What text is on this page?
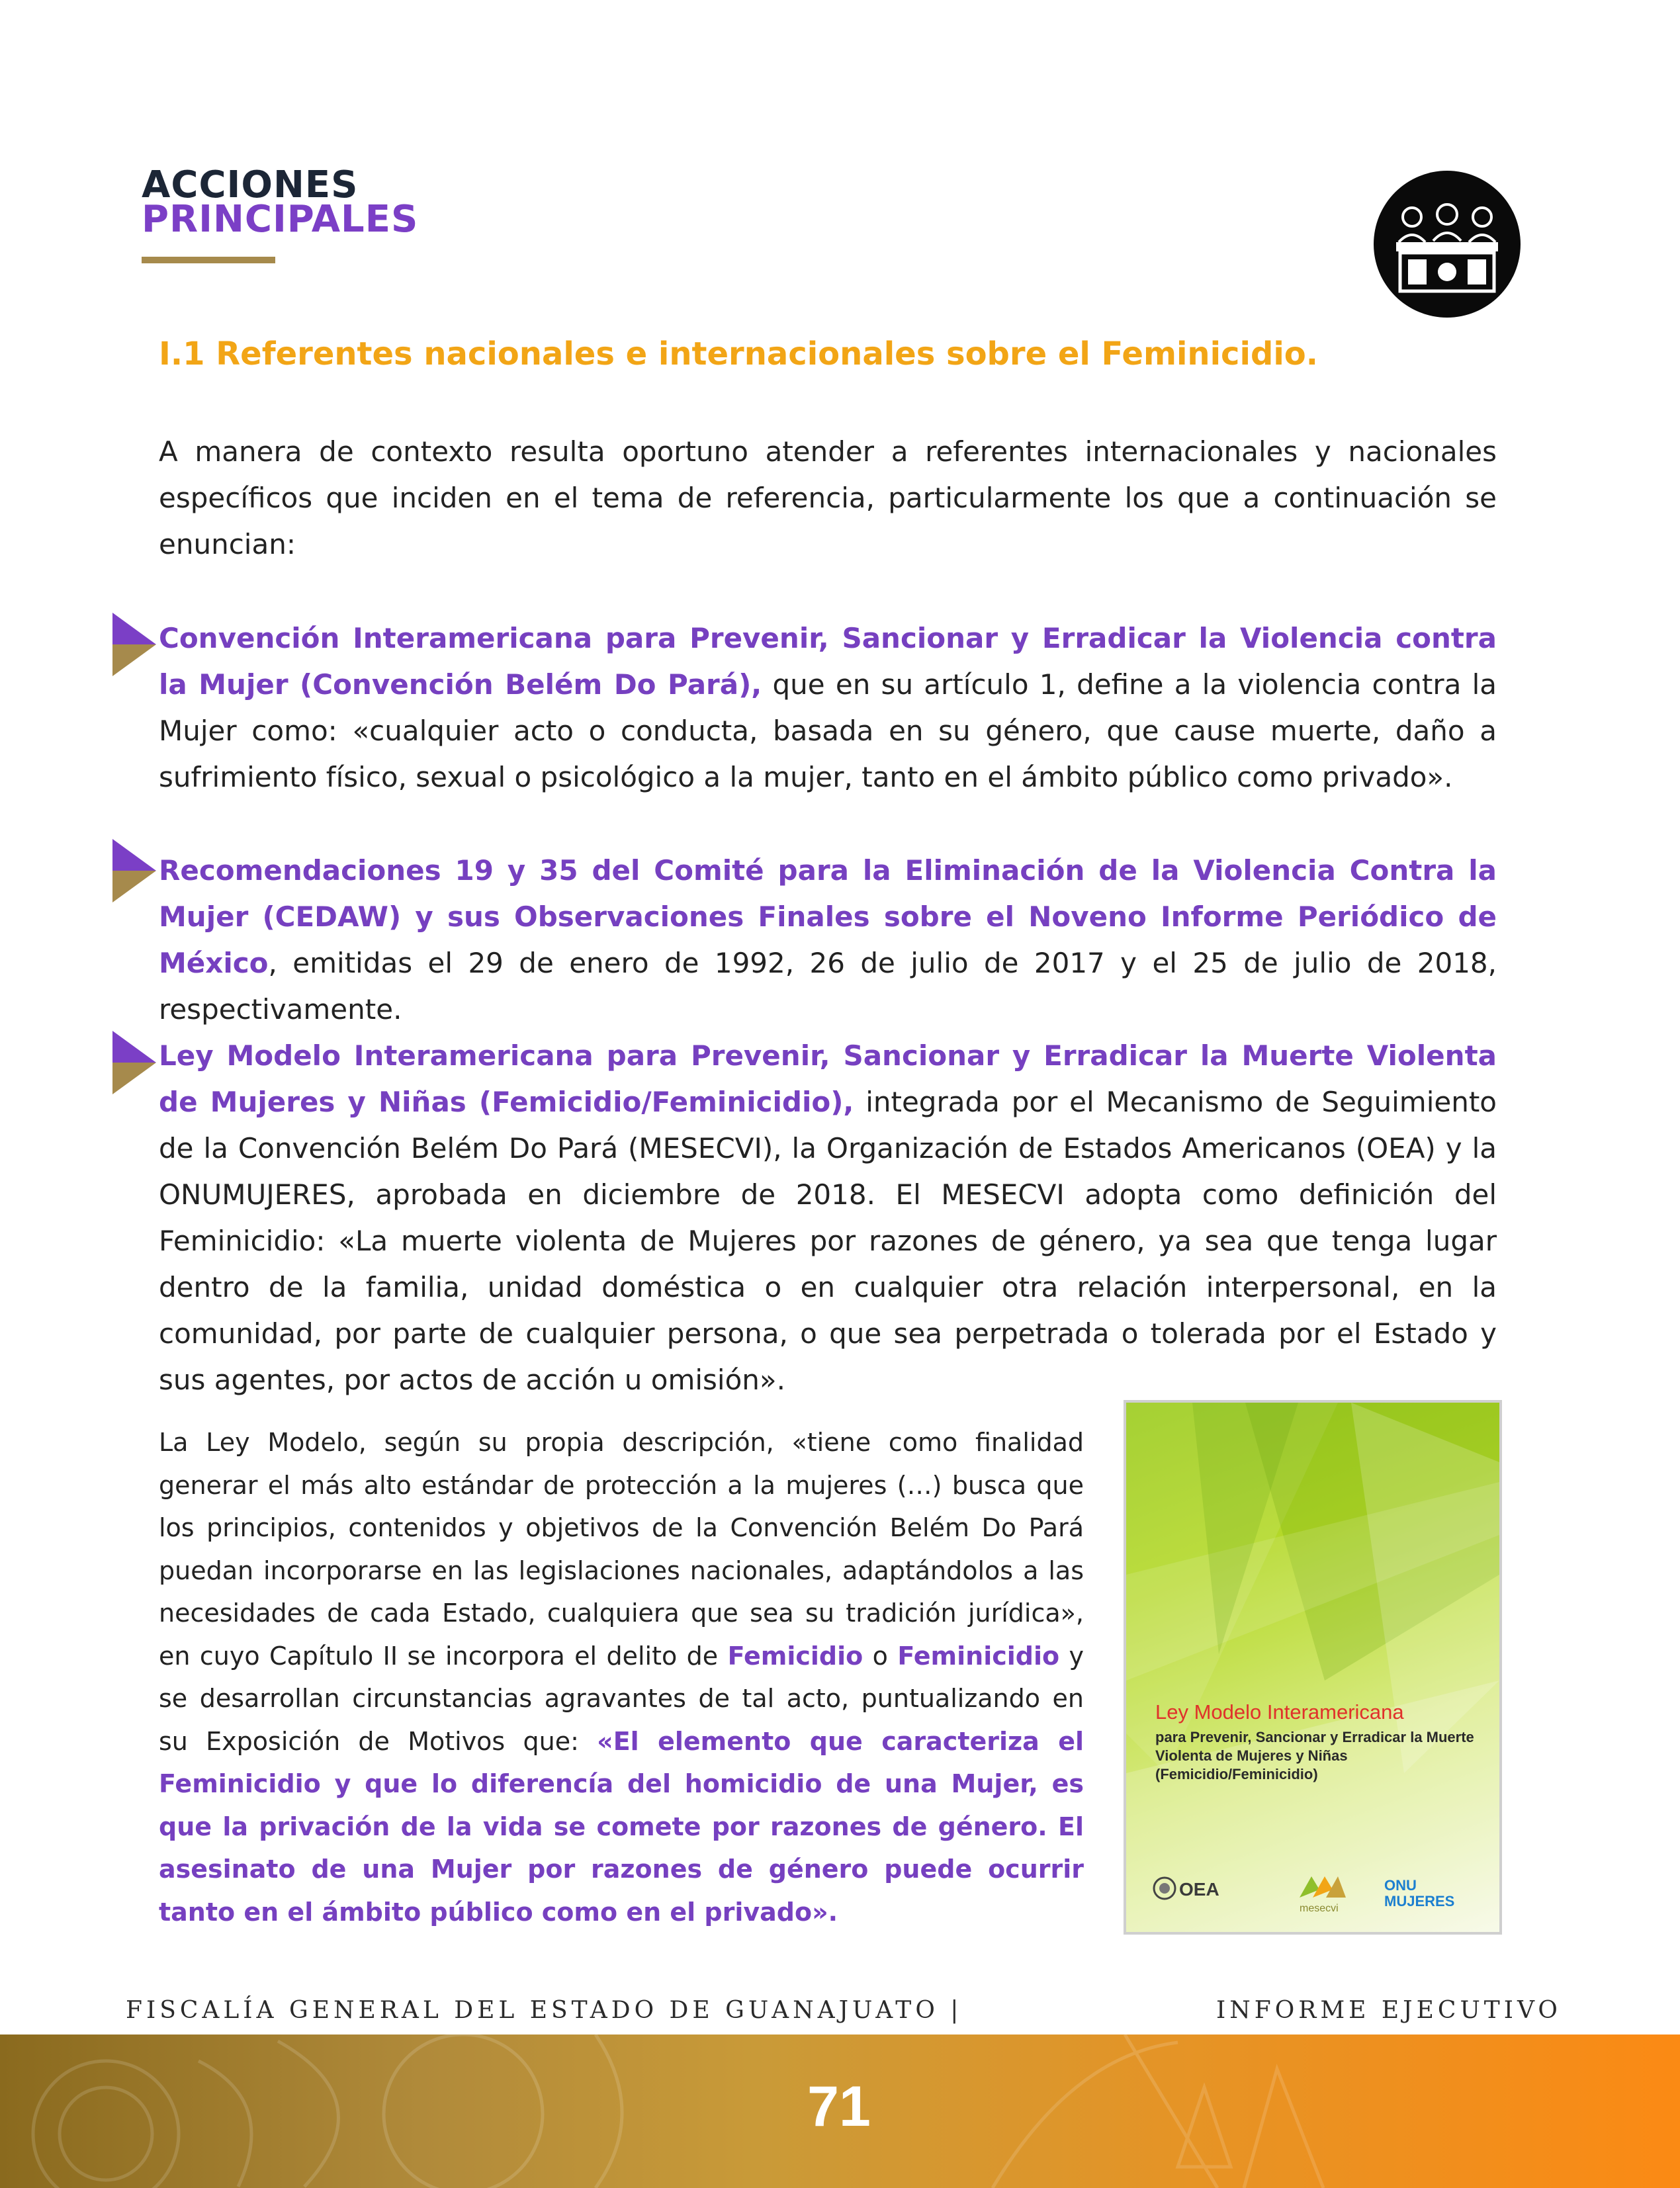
ACCIONES
PRINCIPALES
I.1 Referentes nacionales e internacionales sobre el Feminicidio.
A manera de contexto resulta oportuno atender a referentes internacionales y nacionales específicos que inciden en el tema de referencia, particularmente los que a continuación se enuncian:
Convención Interamericana para Prevenir, Sancionar y Erradicar la Violencia contra la Mujer (Convención Belém Do Pará), que en su artículo 1, define a la violencia contra la Mujer como: «cualquier acto o conducta, basada en su género, que cause muerte, daño a sufrimiento físico, sexual o psicológico a la mujer, tanto en el ámbito público como privado».
Recomendaciones 19 y 35 del Comité para la Eliminación de la Violencia Contra la Mujer (CEDAW) y sus Observaciones Finales sobre el Noveno Informe Periódico de México, emitidas el 29 de enero de 1992, 26 de julio de 2017 y el 25 de julio de 2018, respectivamente.
Ley Modelo Interamericana para Prevenir, Sancionar y Erradicar la Muerte Violenta de Mujeres y Niñas (Femicidio/Feminicidio), integrada por el Mecanismo de Seguimiento de la Convención Belém Do Pará (MESECVI), la Organización de Estados Americanos (OEA) y la ONUMUJERES, aprobada en diciembre de 2018. El MESECVI adopta como definición del Feminicidio: «La muerte violenta de Mujeres por razones de género, ya sea que tenga lugar dentro de la familia, unidad doméstica o en cualquier otra relación interpersonal, en la comunidad, por parte de cualquier persona, o que sea perpetrada o tolerada por el Estado y sus agentes, por actos de acción u omisión».
La Ley Modelo, según su propia descripción, «tiene como finalidad generar el más alto estándar de protección a la mujeres (…) busca que los principios, contenidos y objetivos de la Convención Belém Do Pará puedan incorporarse en las legislaciones nacionales, adaptándolos a las necesidades de cada Estado, cualquiera que sea su tradición jurídica», en cuyo Capítulo II se incorpora el delito de Femicidio o Feminicidio y se desarrollan circunstancias agravantes de tal acto, puntualizando en su Exposición de Motivos que: «El elemento que caracteriza el Feminicidio y que lo diferencía del homicidio de una Mujer, es que la privación de la vida se comete por razones de género. El asesinato de una Mujer por razones de género puede ocurrir tanto en el ámbito público como en el privado».
Ley Modelo Interamericana
para Prevenir, Sancionar y Erradicar la Muerte Violenta de Mujeres y Niñas (Femicidio/Feminicidio)
OEA
mesecvi
ONU MUJERES
FISCALÍA GENERAL DEL ESTADO DE GUANAJUATO |	INFORME EJECUTIVO
71
